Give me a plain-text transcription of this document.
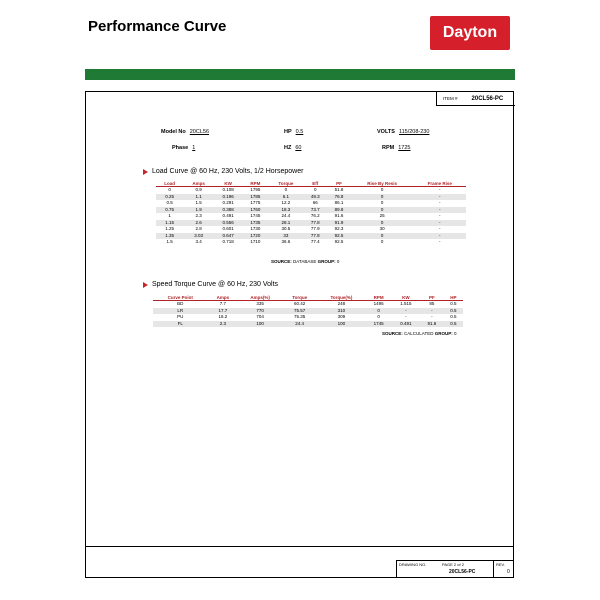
Performance Curve	Dayton
ITEM # 20CL56-PC
Model No 20CL56	HP 0.5	VOLTS 115/208-230
Phase 1	HZ 60	RPM 1725
Load Curve @ 60 Hz, 230 Volts, 1/2 Horsepower
Load	Amps	KW	RPM	Torque	Eff	PF	Rise By Resis	Frame Rise
0	0.9	0.108	1795	0	0	51.8	0	-
0.25	1.1	0.196	1785	6.1	49.3	76.8	0	-
0.5	1.5	0.291	1775	12.2	66	86.1	0	-
0.75	1.9	0.388	1760	18.3	73.7	89.8	0	-
1	2.3	0.491	1745	24.4	76.2	91.6	25	-
1.15	2.6	0.556	1735	28.1	77.8	91.9	0	-
1.25	2.8	0.601	1730	30.5	77.9	92.3	30	-
1.35	3.03	0.647	1720	33	77.8	92.5	0	-
1.5	3.4	0.718	1710	36.6	77.4	92.5	0	-
SOURCE: DATABASE GROUP: 0
Speed Torque Curve @ 60 Hz, 230 Volts
Curve Point	Amps	Amps(%)	Torque	Torque(%)	RPM	KW	PF	HP
BD	7.7	335	60.42	248	1495	1.515	85	0.5
LR	17.7	770	75.57	310	0	-	-	0.5
PU	16.2	704	75.35	309	0	-	-	0.5
FL	2.3	100	24.4	100	1745	0.491	91.6	0.5
SOURCE: CALCULATED GROUP: 0
DRAWING NO.	PAGE 2 of 2
20CL56-PC
REV.
0
